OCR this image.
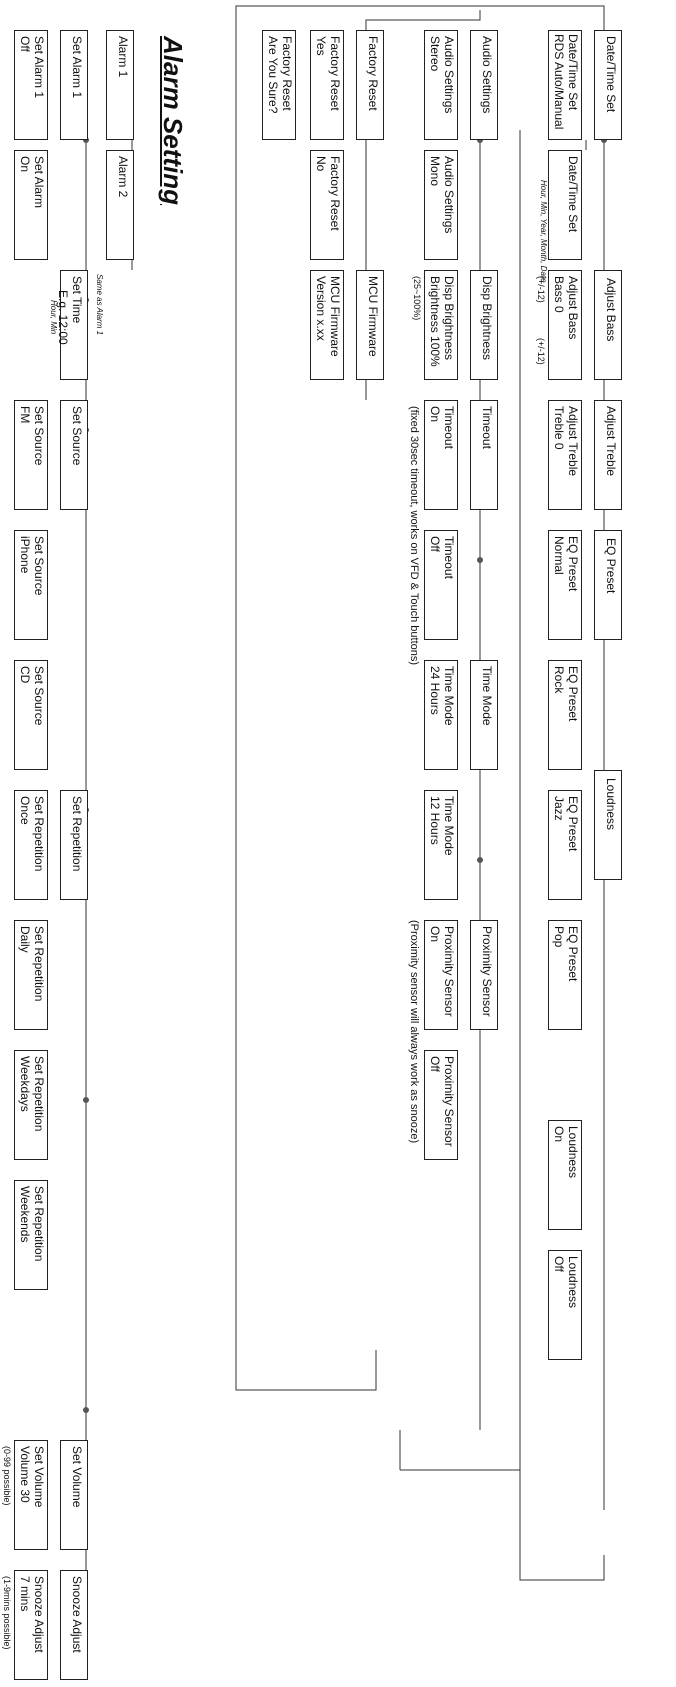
Date/Time Set
Adjust Bass
Adjust Treble
EQ Preset
Loudness
Date/Time Set
RDS Auto/Manual
Date/Time Set
Hour, Min, Year, Month, Date
Adjust Bass
Bass 0
(+/-12)
Adjust Treble
Treble 0
(+/-12)
EQ Preset
Normal
EQ Preset
Rock
EQ Preset
Jazz
EQ Preset
Pop
Loudness
On
Loudness
Off
Audio Settings
Disp Brightness
Timeout
Time Mode
Proximity Sensor
Audio Settings
Stereo
Audio Settings
Mono
Disp Brightness
Brightness 100%
(25~100%)
Timeout
On
Timeout
Off
(fixed 30sec timeout, works on VFD & Touch buttons)
Time Mode
24 Hours
Time Mode
12 Hours
Proximity Sensor
On
Proximity Sensor
Off
(Proximity sensor will always work as snooze)
Factory Reset
MCU Firmware
Factory Reset
Yes
Factory Reset
No
Factory Reset
Are You Sure?
MCU Firmware
Version x.xx
Alarm Setting
Alarm 1
Alarm 2
Same as Alarm 1
Set Alarm 1
Set Time
Set Source
Set Repetition
Set Volume
Snooze Adjust
Set Alarm 1
Off
Set Alarm
On
E.g. 12:00
Hour, Min
Set Source
FM
Set Source
iPhone
Set Source
CD
Set Repetition
Once
Set Repetition
Daily
Set Repetition
Weekdays
Set Repetition
Weekends
Set Volume
Volume 30
(0-99 possible)
Snooze Adjust
7 mins
(1-9mins possible)
